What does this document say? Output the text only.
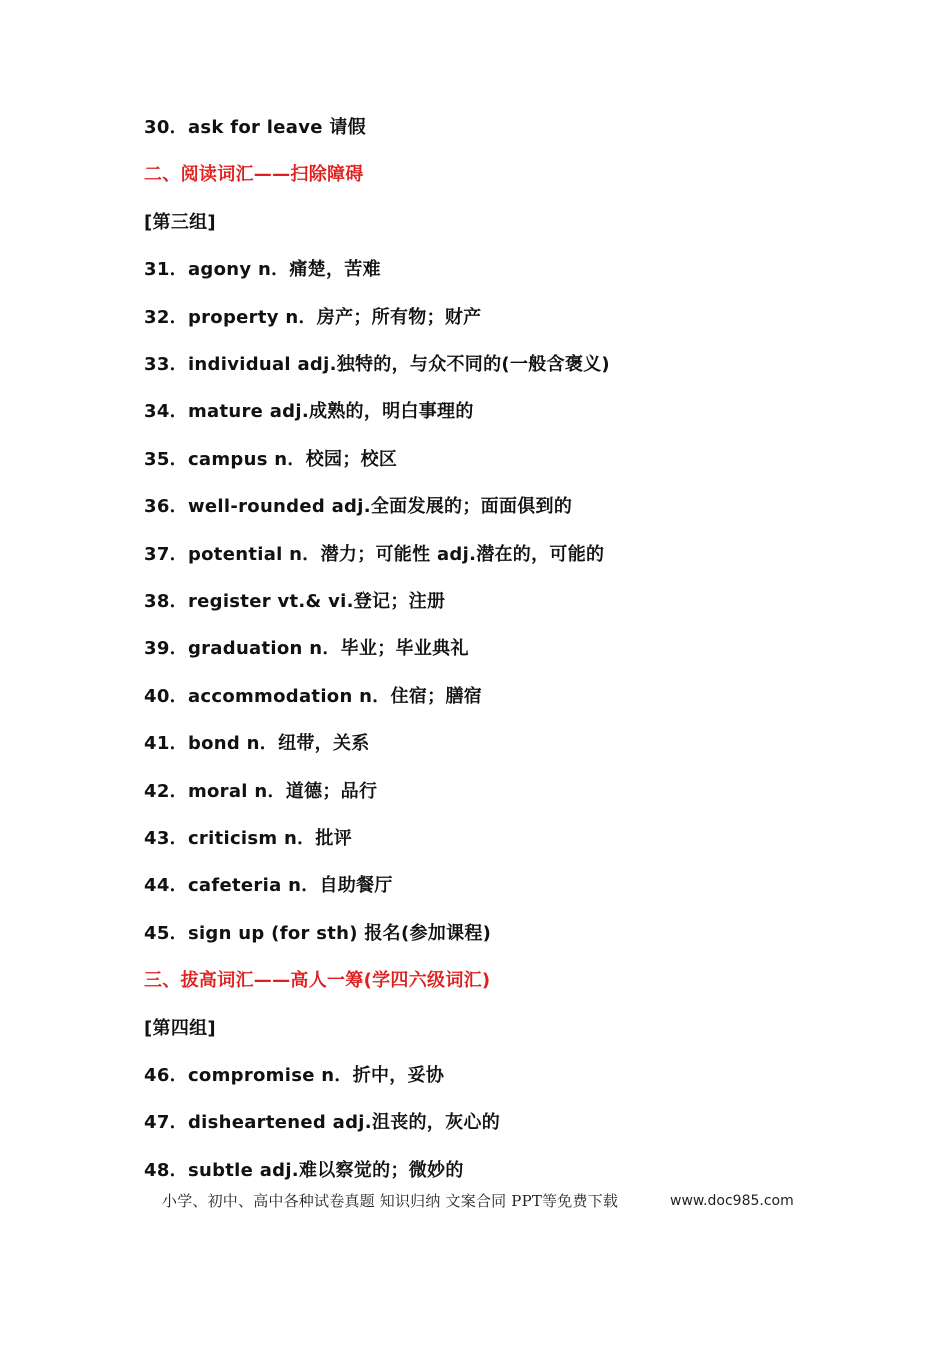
30．ask for leave 请假
二、阅读词汇——扫除障碍
[第三组]
31．agony n．痛楚，苦难
32．property n．房产；所有物；财产
33．individual adj.独特的，与众不同的(一般含褒义)
34．mature adj.成熟的，明白事理的
35．campus n．校园；校区
36．well-rounded adj.全面发展的；面面俱到的
37．potential n．潜力；可能性 adj.潜在的，可能的
38．register vt.& vi.登记；注册
39．graduation n．毕业；毕业典礼
40．accommodation n．住宿；膳宿
41．bond n．纽带，关系
42．moral n．道德；品行
43．criticism n．批评
44．cafeteria n．自助餐厅
45．sign up (for sth) 报名(参加课程)
三、拔高词汇——高人一筹(学四六级词汇)
[第四组]
46．compromise n．折中，妥协
47．disheartened adj.沮丧的，灰心的
48．subtle adj.难以察觉的；微妙的
小学、初中、高中各种试卷真题 知识归纳 文案合同 PPT等免费下载	www.doc985.com
